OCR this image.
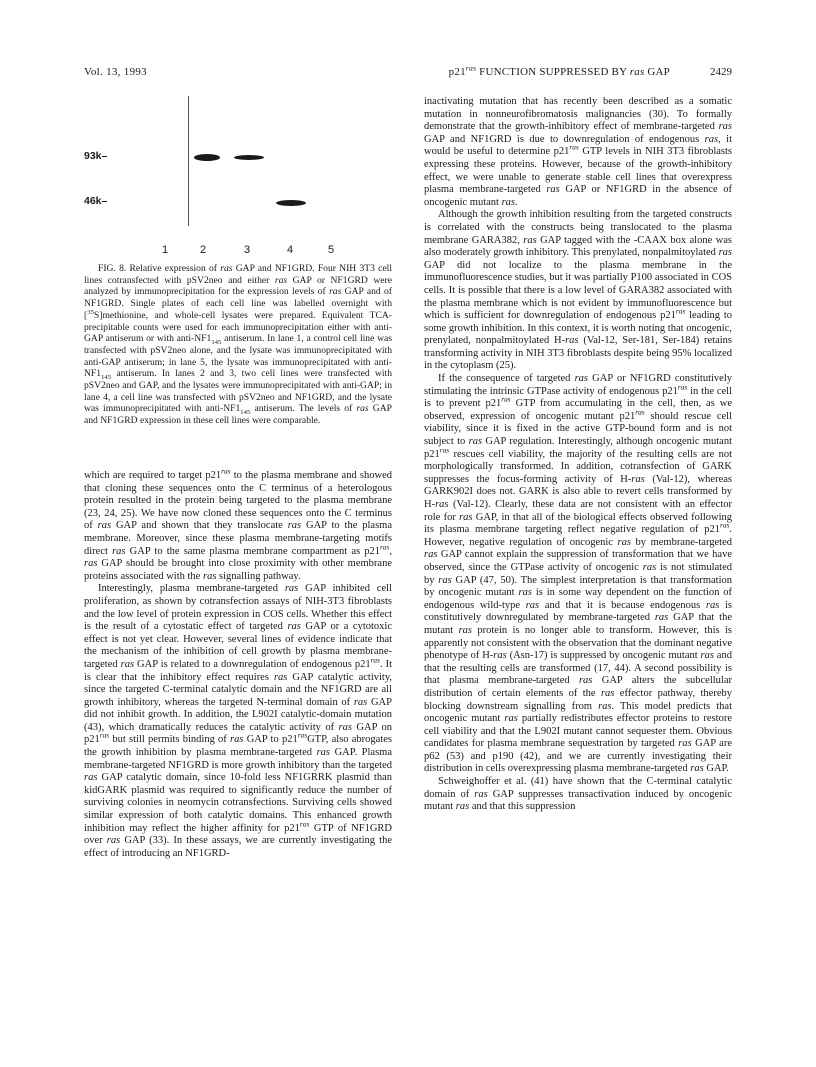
Vol. 13, 1993	$p21^{ras}$ FUNCTION SUPPRESSED BY ras GAP	2429
93k–
46k–
1	2	3	4	5

FIG. 8. Relative expression of ras GAP and NF1GRD. Four NIH 3T3 cell lines cotransfected with pSV2neo and either ras GAP or NF1GRD were analyzed by immunoprecipitation for the expression levels of ras GAP and of NF1GRD. Single plates of each cell line was labelled overnight with [$^{35}$S]methionine, and whole-cell lysates were prepared. Equivalent TCA-precipitable counts were used for each immunoprecipitation either with anti-GAP antiserum or with anti-$NF1_{145}$ antiserum. In lane 1, a control cell line was transfected with pSV2neo alone, and the lysate was immunoprecipitated with anti-GAP antiserum; in lane 5, the lysate was immunoprecipitated with anti-$NF1_{145}$ antiserum. In lanes 2 and 3, two cell lines were transfected with pSV2neo and GAP, and the lysates were immunoprecipitated with anti-GAP; in lane 4, a cell line was transfected with pSV2neo and NF1GRD, and the lysate was immunoprecipitated with anti-$NF1_{145}$ antiserum. The levels of ras GAP and NF1GRD expression in these cell lines were comparable.

which are required to target $p21^{ras}$ to the plasma membrane and showed that cloning these sequences onto the C terminus of a heterologous protein resulted in the protein being targeted to the plasma membrane (23, 24, 25). We have now cloned these sequences onto the C terminus of ras GAP and shown that they translocate ras GAP to the plasma membrane. Moreover, since these plasma membrane-targeting motifs direct ras GAP to the same plasma membrane compartment as $p21^{ras}$, ras GAP should be brought into close proximity with other membrane proteins associated with the ras signalling pathway.

Interestingly, plasma membrane-targeted ras GAP inhibited cell proliferation, as shown by cotransfection assays of NIH-3T3 fibroblasts and the low level of protein expression in COS cells. Whether this effect is the result of a cytostatic effect of targeted ras GAP or a cytotoxic effect is not yet clear. However, several lines of evidence indicate that the mechanism of the inhibition of cell growth by plasma membrane-targeted ras GAP is related to a downregulation of endogenous $p21^{ras}$. It is clear that the inhibitory effect requires ras GAP catalytic activity, since the targeted C-terminal catalytic domain and the NF1GRD are all growth inhibitory, whereas the targeted N-terminal domain of ras GAP did not inhibit growth. In addition, the L902I catalytic-domain mutation (43), which dramatically reduces the catalytic activity of ras GAP on $p21^{ras}$ but still permits binding of ras GAP to $p21^{ras}GTP$, also abrogates the growth inhibition by plasma membrane-targeted ras GAP. Plasma membrane-targeted NF1GRD is more growth inhibitory than the targeted ras GAP catalytic domain, since 10-fold less NF1GRRK plasmid than kidGARK plasmid was required to significantly reduce the number of surviving colonies in neomycin cotransfections. Surviving cells showed similar expression of both catalytic domains. This enhanced growth inhibition may reflect the higher affinity for $p21^{ras}$ GTP of NF1GRD over ras GAP (33). In these assays, we are currently investigating the effect of introducing an NF1GRD-

inactivating mutation that has recently been described as a somatic mutation in nonneurofibromatosis malignancies (30). To formally demonstrate that the growth-inhibitory effect of membrane-targeted ras GAP and NF1GRD is due to downregulation of endogenous ras, it would be useful to determine $p21^{ras}$ GTP levels in NIH 3T3 fibroblasts expressing these proteins. However, because of the growth-inhibitory effect, we were unable to generate stable cell lines that overexpress plasma membrane-targeted ras GAP or NF1GRD in the absence of oncogenic mutant ras.

Although the growth inhibition resulting from the targeted constructs is correlated with the constructs being translocated to the plasma membrane GARA382, ras GAP tagged with the -CAAX box alone was also moderately growth inhibitory. This prenylated, nonpalmitoylated ras GAP did not localize to the plasma membrane in the immunofluorescence studies, but it was partially P100 associated in COS cells. It is possible that there is a low level of GARA382 associated with the plasma membrane which is not evident by immunofluorescence but which is sufficient for downregulation of endogenous $p21^{ras}$ leading to some growth inhibition. In this context, it is worth noting that oncogenic, prenylated, nonpalmitoylated H-ras (Val-12, Ser-181, Ser-184) retains transforming activity in NIH 3T3 fibroblasts despite being 95% localized in the cytoplasm (25).

If the consequence of targeted ras GAP or NF1GRD constitutively stimulating the intrinsic GTPase activity of endogenous $p21^{ras}$ in the cell is to prevent $p21^{ras}$ GTP from accumulating in the cell, then, as we observed, expression of oncogenic mutant $p21^{ras}$ should rescue cell viability, since it is fixed in the active GTP-bound form and is not subject to ras GAP regulation. Interestingly, although oncogenic mutant $p21^{ras}$ rescues cell viability, the majority of the resulting cells are not morphologically transformed. In addition, cotransfection of GARK suppresses the focus-forming activity of H-ras (Val-12), whereas GARK902I does not. GARK is also able to revert cells transformed by H-ras (Val-12). Clearly, these data are not consistent with an effector role for ras GAP, in that all of the biological effects observed following its plasma membrane targeting reflect negative regulation of $p21^{ras}$. However, negative regulation of oncogenic ras by membrane-targeted ras GAP cannot explain the suppression of transformation that we have observed, since the GTPase activity of oncogenic ras is not stimulated by ras GAP (47, 50). The simplest interpretation is that transformation by oncogenic mutant ras is in some way dependent on the function of endogenous wild-type ras and that it is because endogenous ras is constitutively downregulated by membrane-targeted ras GAP that the mutant ras protein is no longer able to transform. However, this is apparently not consistent with the observation that the dominant negative phenotype of H-ras (Asn-17) is suppressed by oncogenic mutant ras and that the resulting cells are transformed (17, 44). A second possibility is that plasma membrane-targeted ras GAP alters the subcellular distribution of certain elements of the ras effector pathway, thereby blocking downstream signalling from ras. This model predicts that oncogenic mutant ras partially redistributes effector proteins to restore cell viability and that the L902I mutant cannot sequester them. Obvious candidates for plasma membrane sequestration by targeted ras GAP are p62 (53) and p190 (42), and we are currently investigating their distribution in cells overexpressing plasma membrane-targeted ras GAP.

Schweighoffer et al. (41) have shown that the C-terminal catalytic domain of ras GAP suppresses transactivation induced by oncogenic mutant ras and that this suppression
